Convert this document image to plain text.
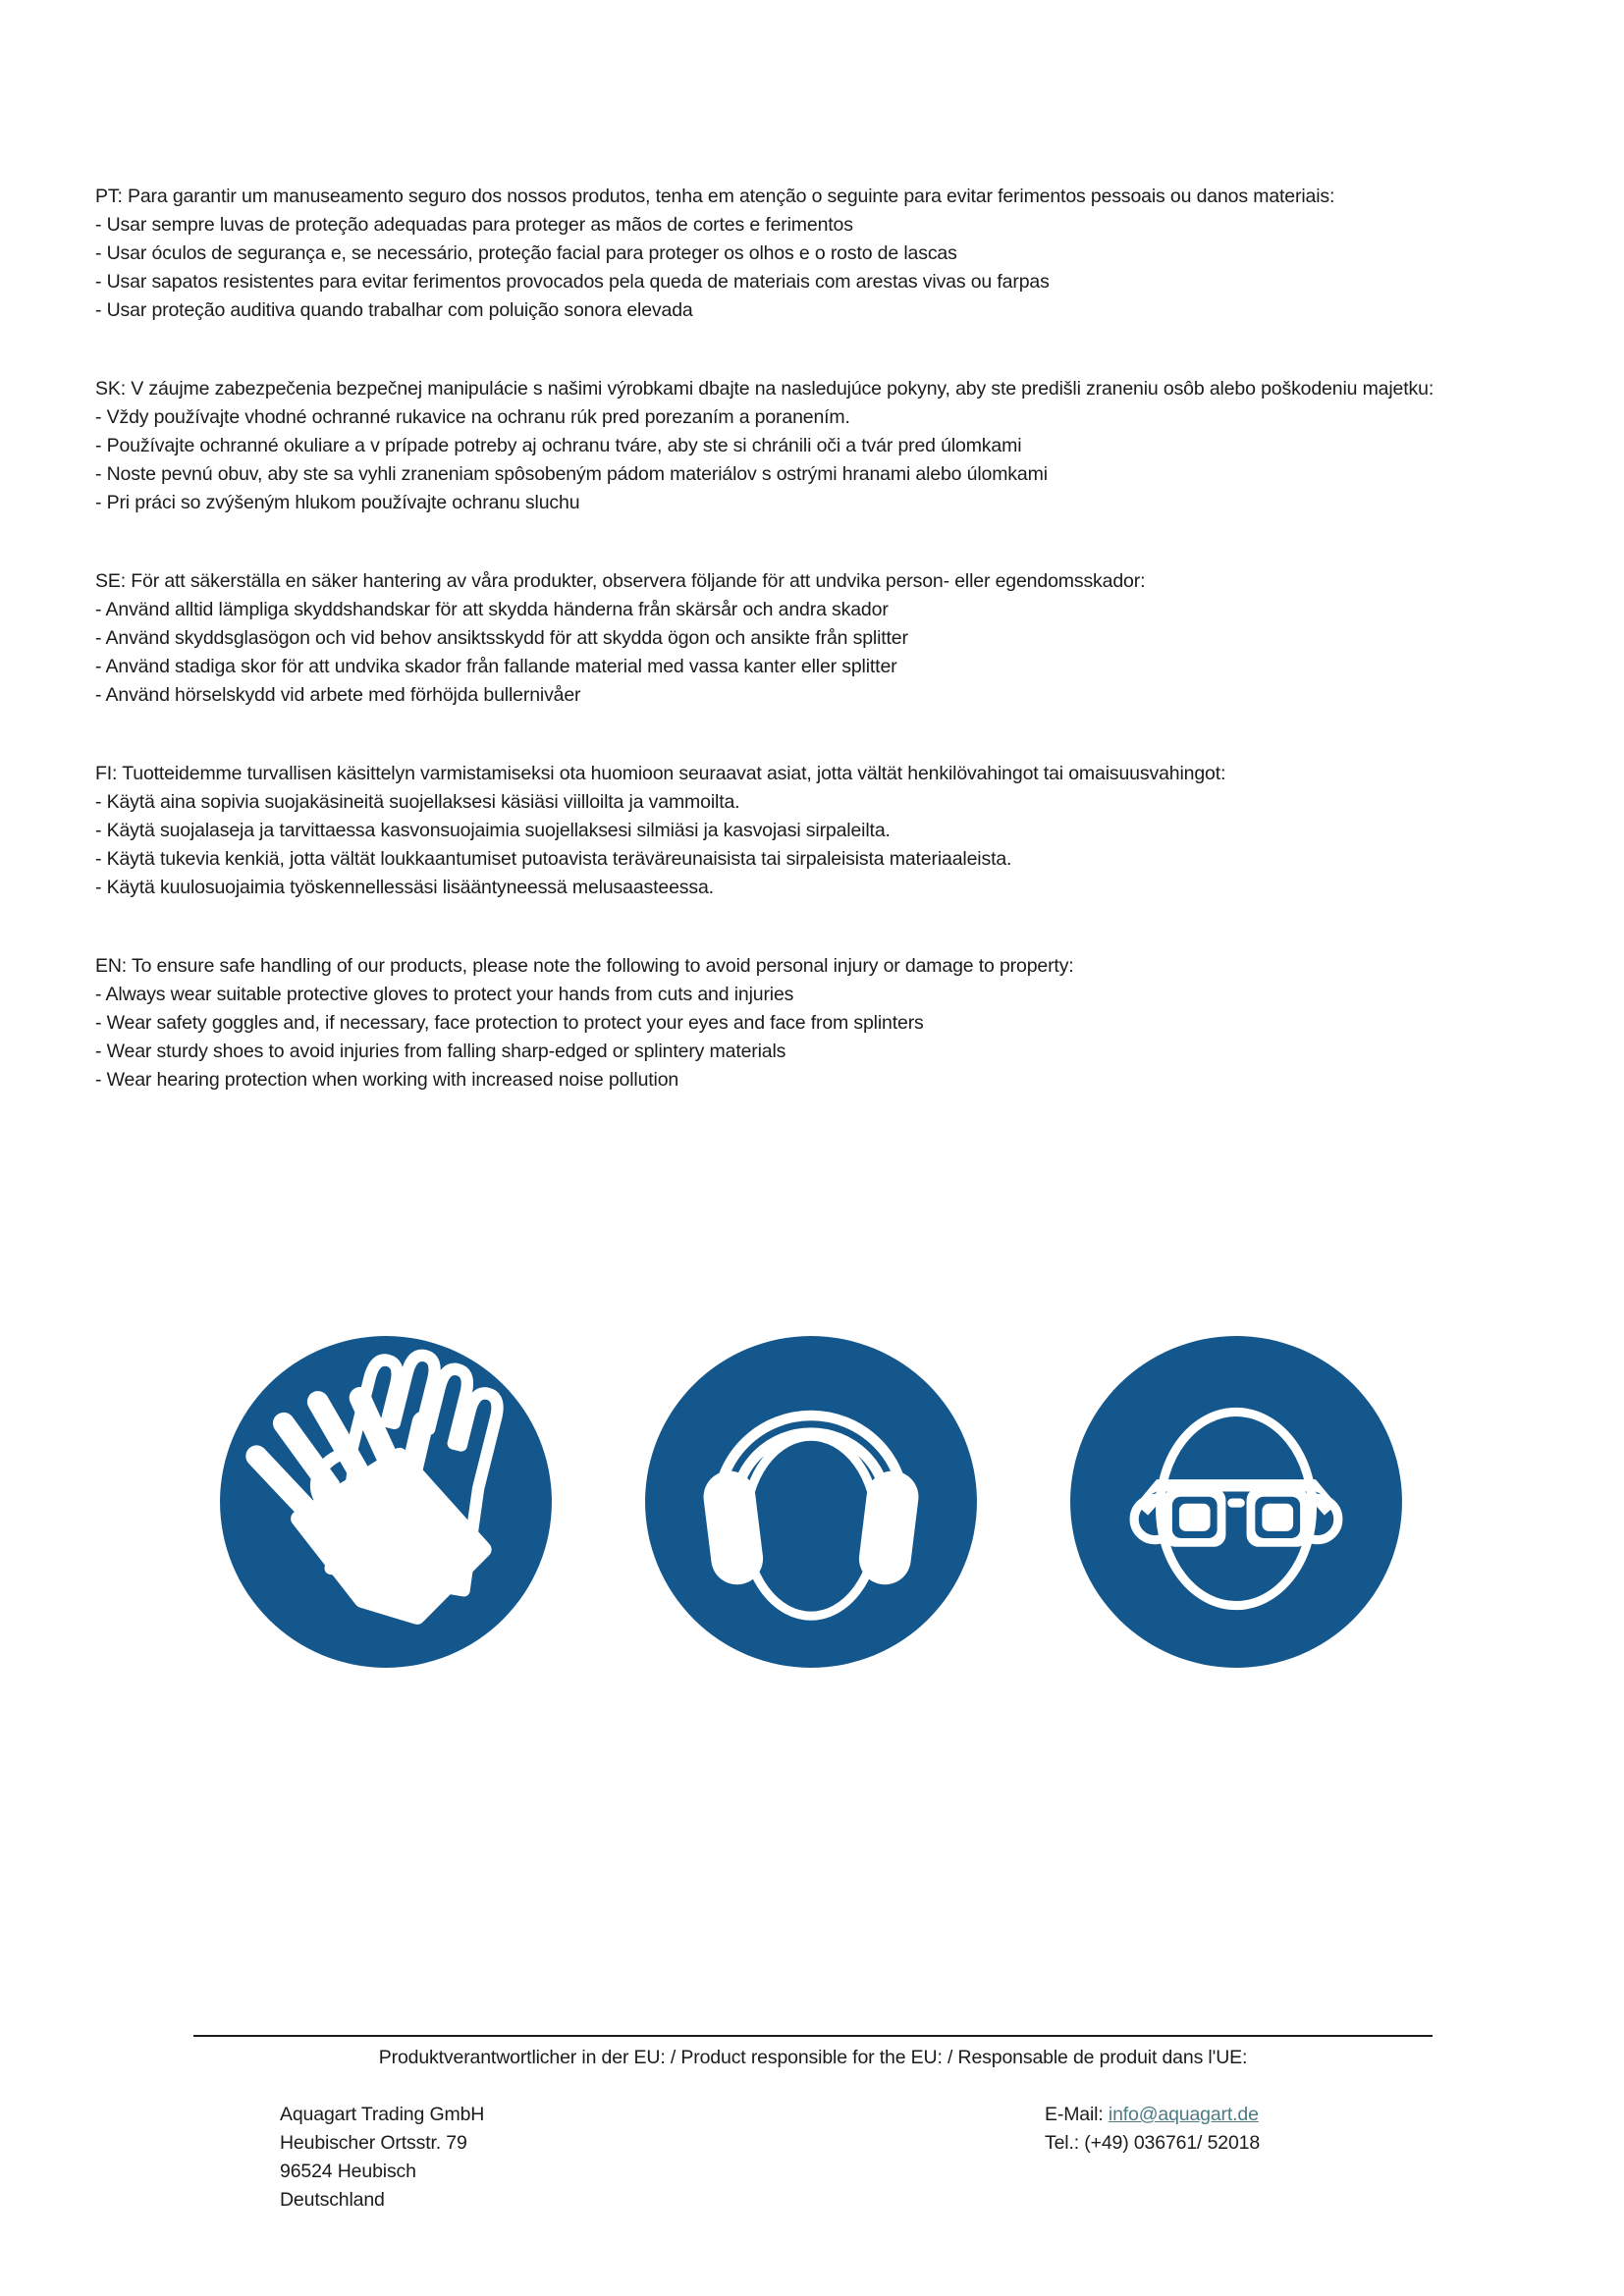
PT: Para garantir um manuseamento seguro dos nossos produtos, tenha em atenção o seguinte para evitar ferimentos pessoais ou danos materiais:
- Usar sempre luvas de proteção adequadas para proteger as mãos de cortes e ferimentos
- Usar óculos de segurança e, se necessário, proteção facial para proteger os olhos e o rosto de lascas
- Usar sapatos resistentes para evitar ferimentos provocados pela queda de materiais com arestas vivas ou farpas
- Usar proteção auditiva quando trabalhar com poluição sonora elevada
SK: V záujme zabezpečenia bezpečnej manipulácie s našimi výrobkami dbajte na nasledujúce pokyny, aby ste predišli zraneniu osôb alebo poškodeniu majetku:
- Vždy používajte vhodné ochranné rukavice na ochranu rúk pred porezaním a poranením.
- Používajte ochranné okuliare a v prípade potreby aj ochranu tváre, aby ste si chránili oči a tvár pred úlomkami
- Noste pevnú obuv, aby ste sa vyhli zraneniam spôsobeným pádom materiálov s ostrými hranami alebo úlomkami
- Pri práci so zvýšeným hlukom používajte ochranu sluchu
SE: För att säkerställa en säker hantering av våra produkter, observera följande för att undvika person- eller egendomsskador:
- Använd alltid lämpliga skyddshandskar för att skydda händerna från skärsår och andra skador
- Använd skyddsglasögon och vid behov ansiktsskydd för att skydda ögon och ansikte från splitter
- Använd stadiga skor för att undvika skador från fallande material med vassa kanter eller splitter
- Använd hörselskydd vid arbete med förhöjda bullernivåer
FI: Tuotteidemme turvallisen käsittelyn varmistamiseksi ota huomioon seuraavat asiat, jotta vältät henkilövahingot tai omaisuusvahingot:
- Käytä aina sopivia suojakäsineitä suojellaksesi käsiäsi viilloilta ja vammoilta.
- Käytä suojalaseja ja tarvittaessa kasvonsuojaimia suojellaksesi silmiäsi ja kasvojasi sirpaleilta.
- Käytä tukevia kenkiä, jotta vältät loukkaantumiset putoavista teräväreunaisista tai sirpaleisista materiaaleista.
- Käytä kuulosuojaimia työskennellessäsi lisääntyneessä melusaasteessa.
EN: To ensure safe handling of our products, please note the following to avoid personal injury or damage to property:
- Always wear suitable protective gloves to protect your hands from cuts and injuries
- Wear safety goggles and, if necessary, face protection to protect your eyes and face from splinters
- Wear sturdy shoes to avoid injuries from falling sharp-edged or splintery materials
- Wear hearing protection when working with increased noise pollution
Produktverantwortlicher in der EU: / Product responsible for the EU: / Responsable de produit dans l'UE:
Aquagart Trading GmbH
Heubischer Ortsstr. 79
96524 Heubisch
Deutschland
E-Mail: info@aquagart.de
Tel.: (+49) 036761/ 52018
